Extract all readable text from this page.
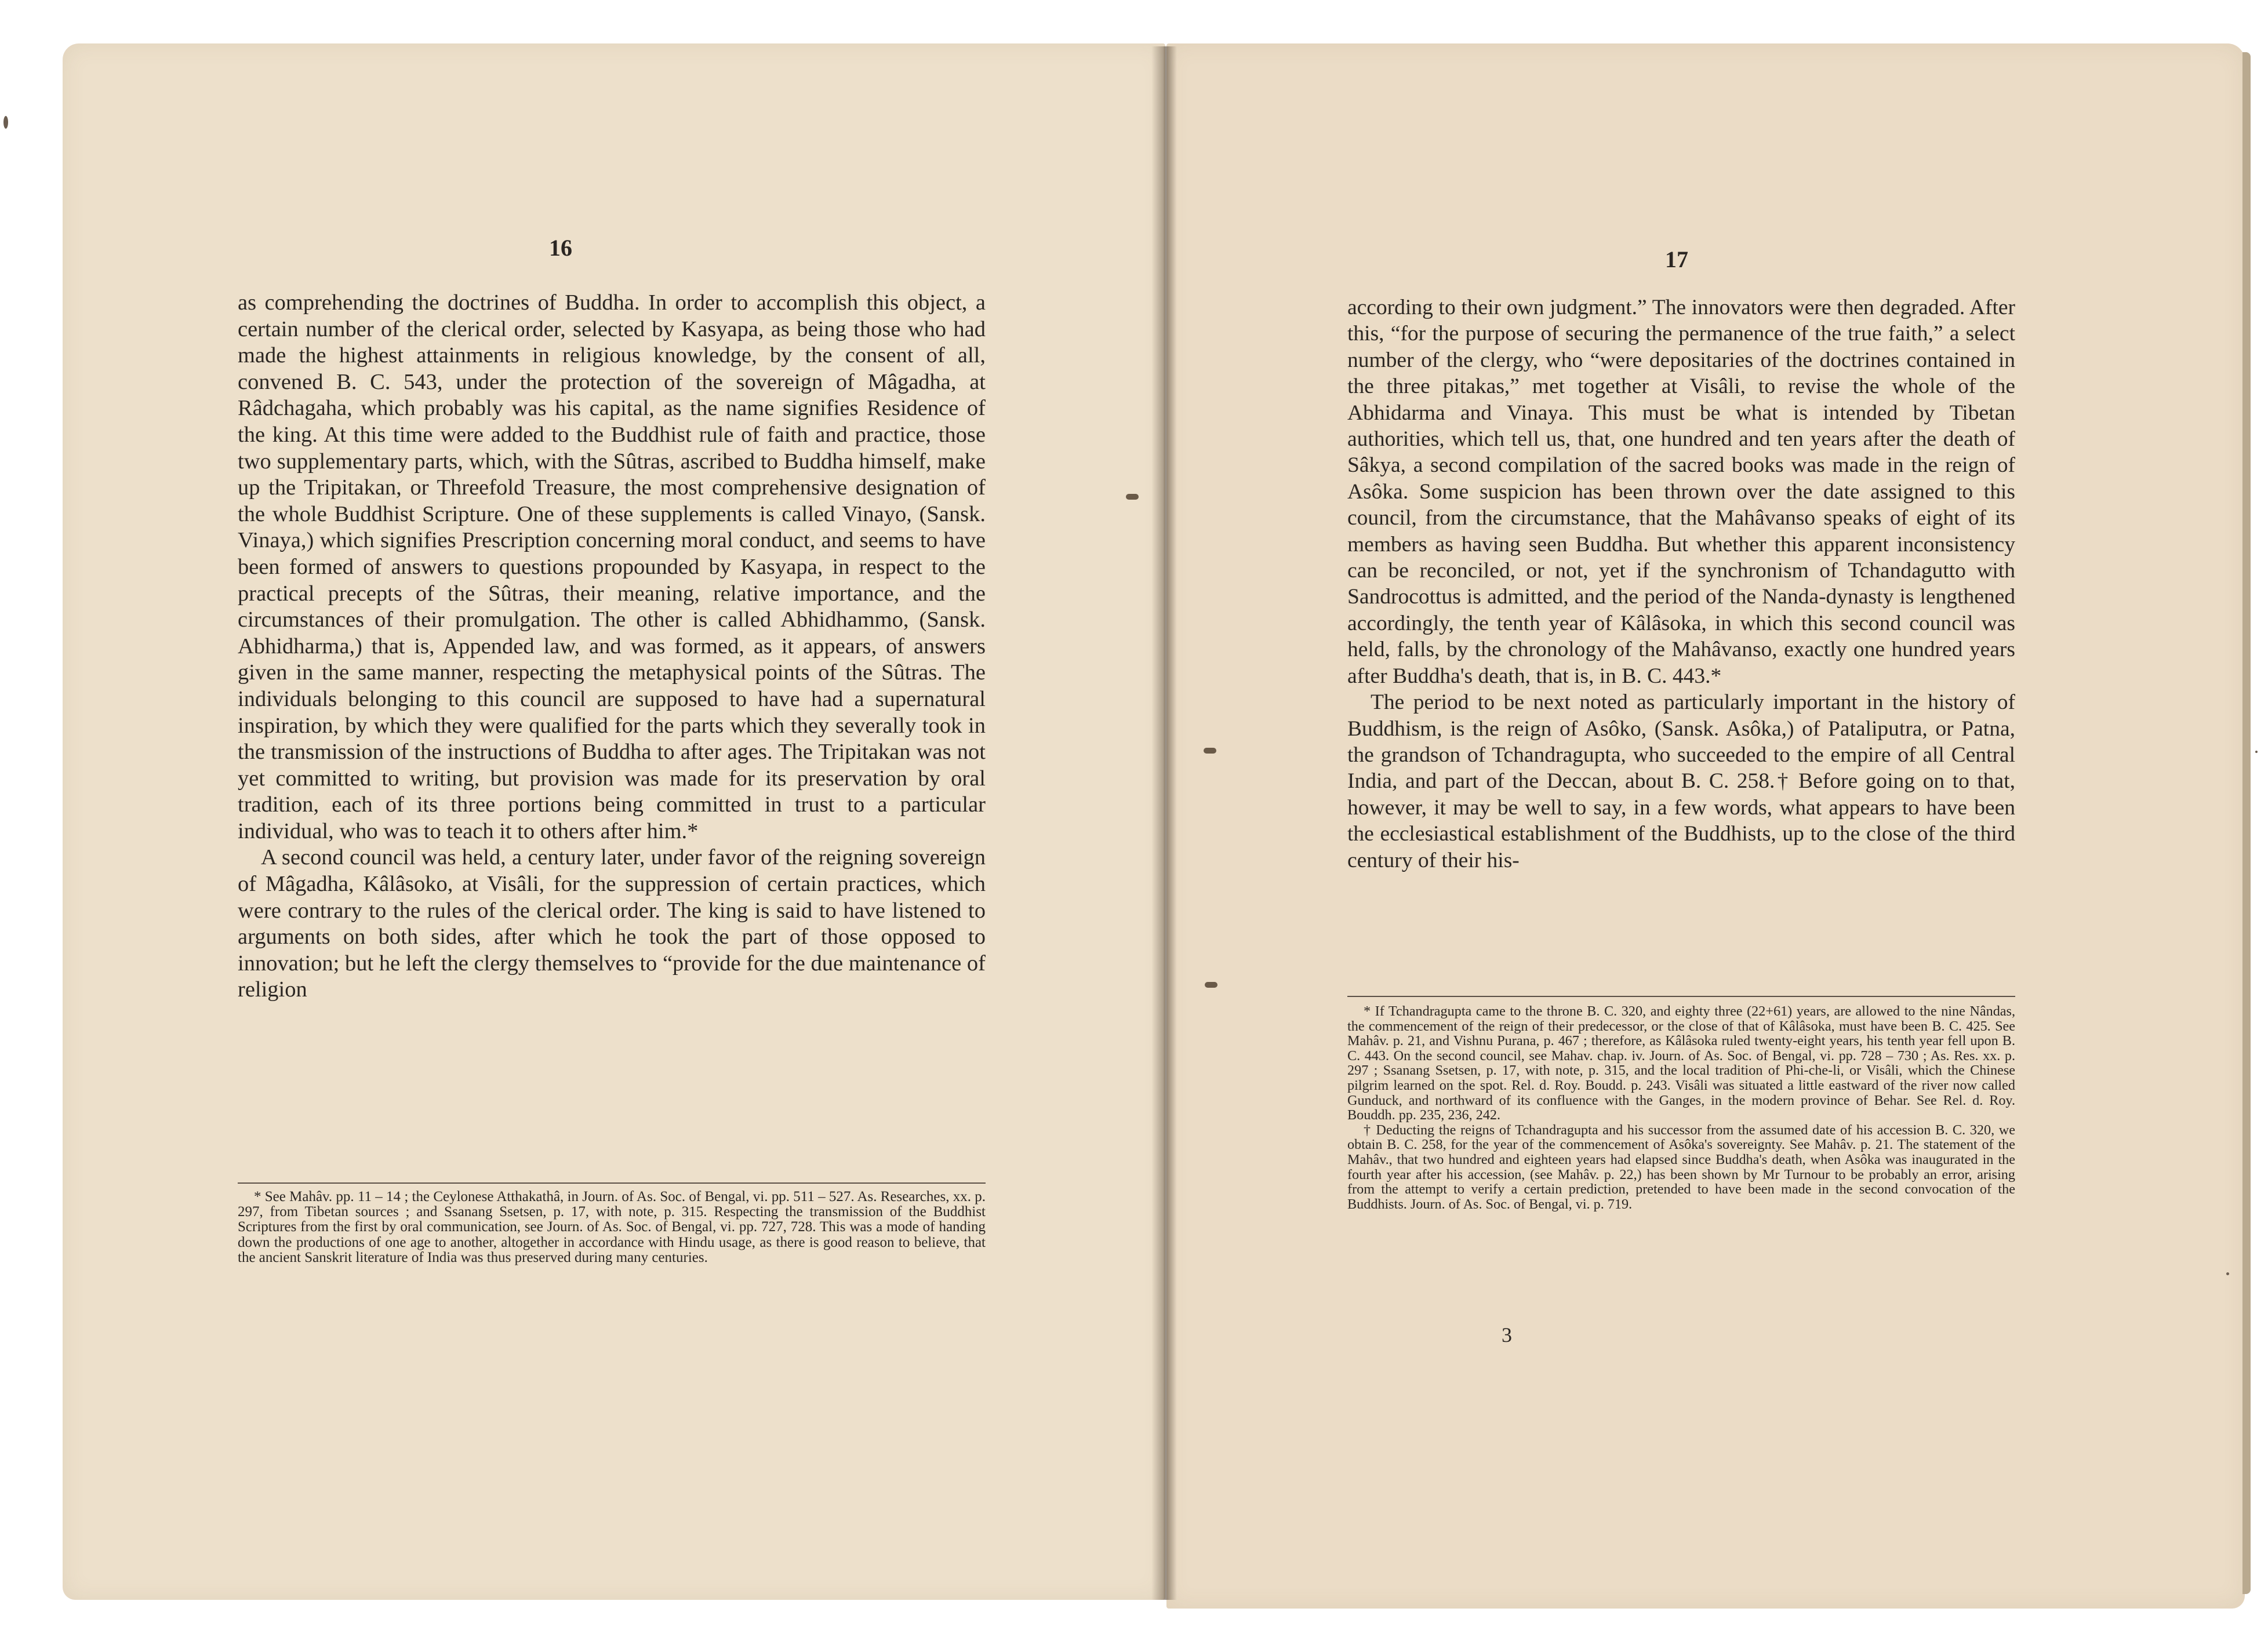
16

as comprehending the doctrines of Buddha. In order to accomplish this object, a certain number of the clerical order, selected by Kasyapa, as being those who had made the highest attainments in religious knowledge, by the consent of all, convened B. C. 543, under the protection of the sovereign of Mâgadha, at Râdchagaha, which probably was his capital, as the name signifies Residence of the king. At this time were added to the Buddhist rule of faith and practice, those two supplementary parts, which, with the Sûtras, ascribed to Buddha himself, make up the Tripitakan, or Threefold Treasure, the most comprehensive designation of the whole Buddhist Scripture. One of these supplements is called Vinayo, (Sansk. Vinaya,) which signifies Prescription concerning moral conduct, and seems to have been formed of answers to questions propounded by Kasyapa, in respect to the practical precepts of the Sûtras, their meaning, relative importance, and the circumstances of their promulgation. The other is called Abhidhammo, (Sansk. Abhidharma,) that is, Appended law, and was formed, as it appears, of answers given in the same manner, respecting the metaphysical points of the Sûtras. The individuals belonging to this council are supposed to have had a supernatural inspiration, by which they were qualified for the parts which they severally took in the transmission of the instructions of Buddha to after ages. The Tripitakan was not yet committed to writing, but provision was made for its preservation by oral tradition, each of its three portions being committed in trust to a particular individual, who was to teach it to others after him.*

A second council was held, a century later, under favor of the reigning sovereign of Mâgadha, Kâlâsoko, at Visâli, for the suppression of certain practices, which were contrary to the rules of the clerical order. The king is said to have listened to arguments on both sides, after which he took the part of those opposed to innovation; but he left the clergy themselves to “provide for the due maintenance of religion

* See Mahâv. pp. 11 – 14 ; the Ceylonese Atthakathâ, in Journ. of As. Soc. of Bengal, vi. pp. 511 – 527. As. Researches, xx. p. 297, from Tibetan sources ; and Ssanang Ssetsen, p. 17, with note, p. 315. Respecting the transmission of the Buddhist Scriptures from the first by oral communication, see Journ. of As. Soc. of Bengal, vi. pp. 727, 728. This was a mode of handing down the productions of one age to another, altogether in accordance with Hindu usage, as there is good reason to believe, that the ancient Sanskrit literature of India was thus preserved during many centuries.

17

according to their own judgment.” The innovators were then degraded. After this, “for the purpose of securing the permanence of the true faith,” a select number of the clergy, who “were depositaries of the doctrines contained in the three pitakas,” met together at Visâli, to revise the whole of the Abhidarma and Vinaya. This must be what is intended by Tibetan authorities, which tell us, that, one hundred and ten years after the death of Sâkya, a second compilation of the sacred books was made in the reign of Asôka. Some suspicion has been thrown over the date assigned to this council, from the circumstance, that the Mahâvanso speaks of eight of its members as having seen Buddha. But whether this apparent inconsistency can be reconciled, or not, yet if the synchronism of Tchandagutto with Sandrocottus is admitted, and the period of the Nanda-dynasty is lengthened accordingly, the tenth year of Kâlâsoka, in which this second council was held, falls, by the chronology of the Mahâvanso, exactly one hundred years after Buddha's death, that is, in B. C. 443.*

The period to be next noted as particularly important in the history of Buddhism, is the reign of Asôko, (Sansk. Asôka,) of Pataliputra, or Patna, the grandson of Tchandragupta, who succeeded to the empire of all Central India, and part of the Deccan, about B. C. 258.† Before going on to that, however, it may be well to say, in a few words, what appears to have been the ecclesiastical establishment of the Buddhists, up to the close of the third century of their his-

* If Tchandragupta came to the throne B. C. 320, and eighty three (22+61) years, are allowed to the nine Nândas, the commencement of the reign of their predecessor, or the close of that of Kâlâsoka, must have been B. C. 425. See Mahâv. p. 21, and Vishnu Purana, p. 467 ; therefore, as Kâlâsoka ruled twenty-eight years, his tenth year fell upon B. C. 443. On the second council, see Mahav. chap. iv. Journ. of As. Soc. of Bengal, vi. pp. 728 – 730 ; As. Res. xx. p. 297 ; Ssanang Ssetsen, p. 17, with note, p. 315, and the local tradition of Phi-che-li, or Visâli, which the Chinese pilgrim learned on the spot. Rel. d. Roy. Boudd. p. 243. Visâli was situated a little eastward of the river now called Gunduck, and northward of its confluence with the Ganges, in the modern province of Behar. See Rel. d. Roy. Bouddh. pp. 235, 236, 242.

† Deducting the reigns of Tchandragupta and his successor from the assumed date of his accession B. C. 320, we obtain B. C. 258, for the year of the commencement of Asôka's sovereignty. See Mahâv. p. 21. The statement of the Mahâv., that two hundred and eighteen years had elapsed since Buddha's death, when Asôka was inaugurated in the fourth year after his accession, (see Mahâv. p. 22,) has been shown by Mr Turnour to be probably an error, arising from the attempt to verify a certain prediction, pretended to have been made in the second convocation of the Buddhists. Journ. of As. Soc. of Bengal, vi. p. 719.

3
